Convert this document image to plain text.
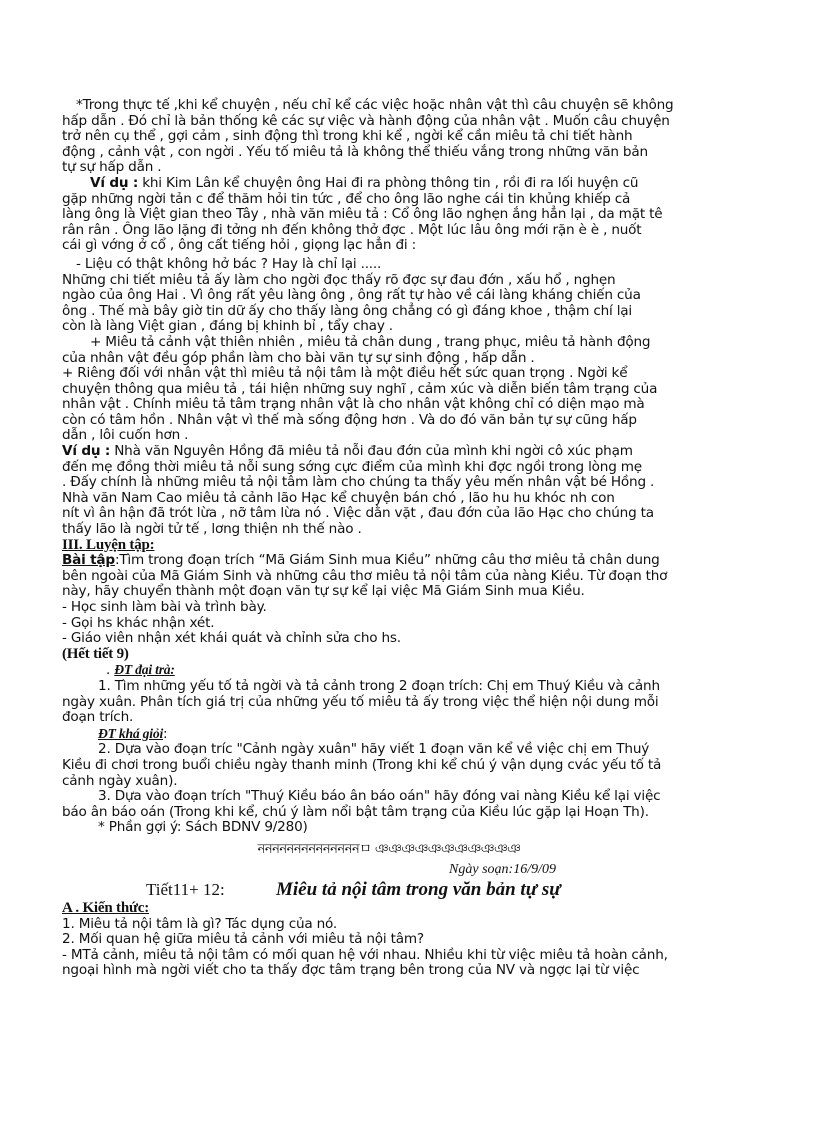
*Trong thực tế ,khi kể chuyện , nếu chỉ kể các việc hoặc nhân vật thì câu chuyện sẽ không
hấp dẫn . Đó chỉ là bản thống kê các sự việc và hành động của nhân vật . Muốn câu chuyện
trở nên cụ thể , gợi cảm , sinh động thì trong khi kể , ngời kể cần miêu tả chi tiết hành
động , cảnh vật , con ngời . Yếu tố miêu tả là không thể thiếu vắng trong những văn bản
tự sự hấp dẫn .
Ví dụ : khi Kim Lân kể chuyện ông Hai đi ra phòng thông tin , rồi đi ra lối huyện cũ
gặp những ngời tản c để thăm hỏi tin tức , để cho ông lão nghe cái tin khủng khiếp cả
làng ông là Việt gian theo Tây , nhà văn miêu tả : Cổ ông lão nghẹn ắng hẳn lại , da mặt tê
rân rân . Ông lão lặng đi tởng nh đến không thở đợc . Một lúc lâu ông mới rặn è è , nuốt
cái gì vớng ở cổ , ông cất tiếng hỏi , giọng lạc hẳn đi :
- Liệu có thật không hở bác ? Hay là chỉ lại .....
Những chi tiết miêu tả ấy làm cho ngời đọc thấy rõ đợc sự đau đớn , xấu hổ , nghẹn
ngào của ông Hai . Vì ông rất yêu làng ông , ông rất tự hào về cái làng kháng chiến của
ông . Thế mà bây giờ tin dữ ấy cho thấy làng ông chẳng có gì đáng khoe , thậm chí lại
còn là làng Việt gian , đáng bị khinh bỉ , tẩy chay .
+ Miêu tả cảnh vật thiên nhiên , miêu tả chân dung , trang phục, miêu tả hành động
của nhân vật đều góp phần làm cho bài văn tự sự sinh động , hấp dẫn .
+ Riêng đối với nhân vật thì miêu tả nội tâm là một điều hết sức quan trọng . Ngời kể
chuyện thông qua miêu tả , tái hiện những suy nghĩ , cảm xúc và diễn biến tâm trạng của
nhân vật . Chính miêu tả tâm trạng nhân vật là cho nhân vật không chỉ có diện mạo mà
còn có tâm hồn . Nhân vật vì thế mà sống động hơn . Và do đó văn bản tự sự cũng hấp
dẫn , lôi cuốn hơn .
Ví dụ : Nhà văn Nguyên Hồng đã miêu tả nỗi đau đớn của mình khi ngời cô xúc phạm
đến mẹ đồng thời miêu tả nỗi sung sớng cực điểm của mình khi đợc ngồi trong lòng mẹ
. Đấy chính là những miêu tả nội tâm làm cho chúng ta thấy yêu mến nhân vật bé Hồng .
Nhà văn Nam Cao miêu tả cảnh lão Hạc kể chuyện bán chó , lão hu hu khóc nh con
nít vì ân hận đã trót lừa , nỡ tâm lừa nó . Việc dằn vặt , đau đớn của lão Hạc cho chúng ta
thấy lão là ngời tử tế , lơng thiện nh thế nào .
III. Luyện tập:
Bài tập:Tìm trong đoạn trích “Mã Giám Sinh mua Kiều” những câu thơ miêu tả chân dung
bên ngoài của Mã Giám Sinh và những câu thơ miêu tả nội tâm của nàng Kiều. Từ đoạn thơ
này, hãy chuyển thành một đoạn văn tự sự kể lại việc Mã Giám Sinh mua Kiều.
- Học sinh làm bài và trình bày.
- Gọi hs khác nhận xét.
- Giáo viên nhận xét khái quát và chỉnh sửa cho hs.
(Hết tiết 9)
. ĐT đại trà:
1. Tìm những yếu tố tả ngời và tả cảnh trong 2 đoạn trích: Chị em Thuý Kiều và cảnh
ngày xuân. Phân tích giá trị của những yếu tố miêu tả ấy trong việc thể hiện nội dung mỗi
đoạn trích.
ĐT khá giỏi:
2. Dựa vào đoạn tríc "Cảnh ngày xuân" hãy viết 1 đoạn văn kể về việc chị em Thuý
Kiều đi chơi trong buổi chiều ngày thanh minh (Trong khi kể chú ý vận dụng cvác yếu tố tả
cảnh ngày xuân).
3. Dựa vào đoạn trích "Thuý Kiều báo ân báo oán" hãy đóng vai nàng Kiều kể lại việc
báo ân báo oán (Trong khi kể, chú ý làm nổi bật tâm trạng của Kiều lúc gặp lại Hoạn Th).
* Phần gợi ý: Sách BDNV 9/280)
ননননননননননননননㅁ ঞঞঞঞঞঞঞঞঞঞঞ
Ngày soạn:16/9/09
Tiết11+ 12:	Miêu tả nội tâm trong văn bản tự sự
A . Kiến thức:
1. Miêu tả nội tâm là gì? Tác dụng của nó.
2. Mối quan hệ giữa miêu tả cảnh với miêu tả nội tâm?
- MTả cảnh, miêu tả nội tâm có mối quan hệ với nhau. Nhiều khi từ việc miêu tả hoàn cảnh,
ngoại hình mà ngời viết cho ta thấy đợc tâm trạng bên trong của NV và ngợc lại từ việc
